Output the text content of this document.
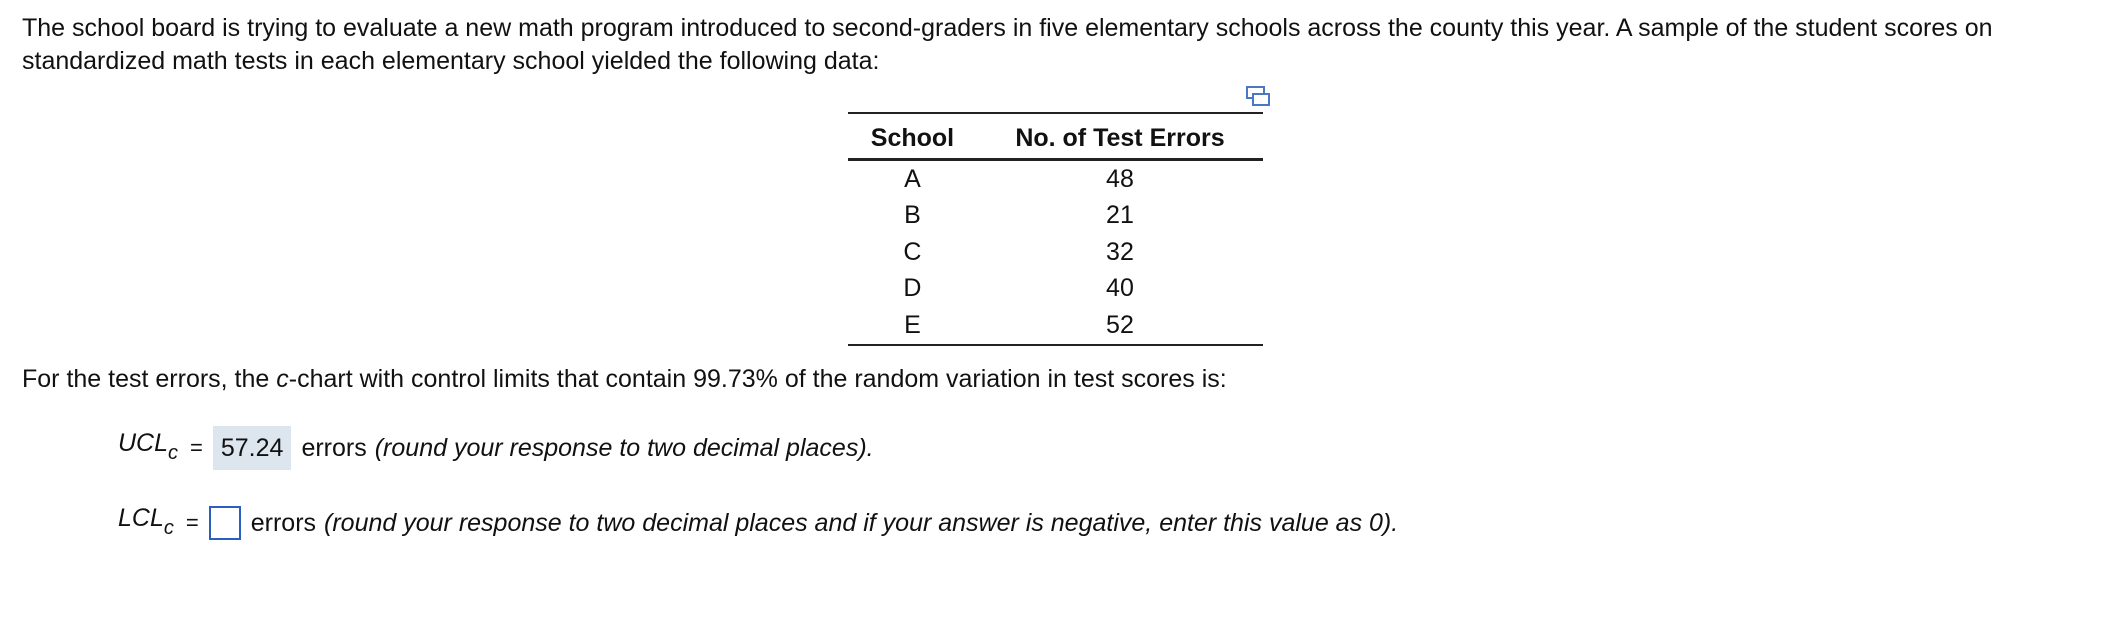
The school board is trying to evaluate a new math program introduced to second-graders in five elementary schools across the county this year. A sample of the student scores on standardized math tests in each elementary school yielded the following data:
School	No. of Test Errors
A	48
B	21
C	32
D	40
E	52
For the test errors, the c-chart with control limits that contain 99.73% of the random variation in test scores is:
$UCL_c = 57.24$ errors (round your response to two decimal places).
$LCL_c$ = errors (round your response to two decimal places and if your answer is negative, enter this value as 0).
